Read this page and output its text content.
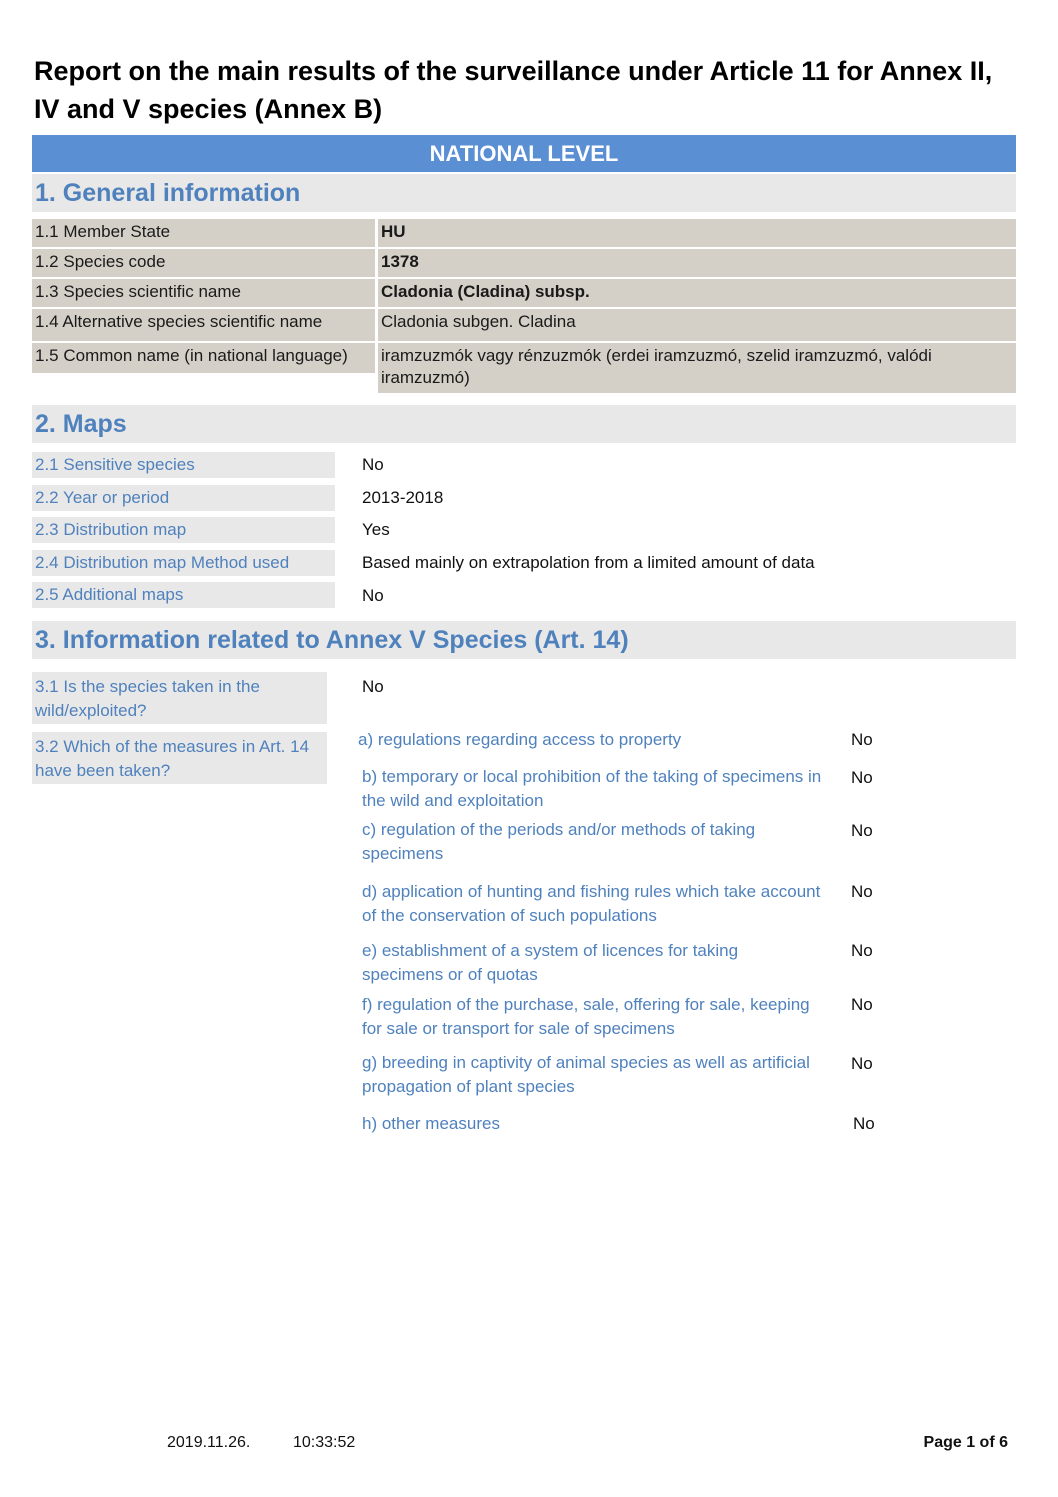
Report on the main results of the surveillance under Article 11 for Annex II, IV and V species (Annex B)
NATIONAL LEVEL
1. General information
1.1 Member State	HU
1.2 Species code	1378
1.3 Species scientific name	Cladonia (Cladina) subsp.
1.4 Alternative species scientific name	Cladonia subgen. Cladina
1.5 Common name (in national language)	iramzuzmók vagy rénzuzmók (erdei iramzuzmó, szelid iramzuzmó, valódi iramzuzmó)
2. Maps
2.1 Sensitive species	No
2.2 Year or period	2013-2018
2.3 Distribution map	Yes
2.4 Distribution map Method used	Based mainly on extrapolation from a limited amount of data
2.5 Additional maps	No
3. Information related to Annex V Species (Art. 14)
3.1 Is the species taken in the wild/exploited?
No
3.2 Which of the measures in Art. 14 have been taken?
a) regulations regarding access to property	No
b) temporary or local prohibition of the taking of specimens in the wild and exploitation
No
c) regulation of the periods and/or methods of taking specimens
No
d) application of hunting and fishing rules which take account of the conservation of such populations
No
e) establishment of a system of licences for taking specimens or of quotas
No
f) regulation of the purchase, sale, offering for sale, keeping for sale or transport for sale of specimens
No
g) breeding in captivity of animal species as well as artificial propagation of plant species
No
h) other measures	No
2019.11.26.	10:33:52	Page 1 of 6
